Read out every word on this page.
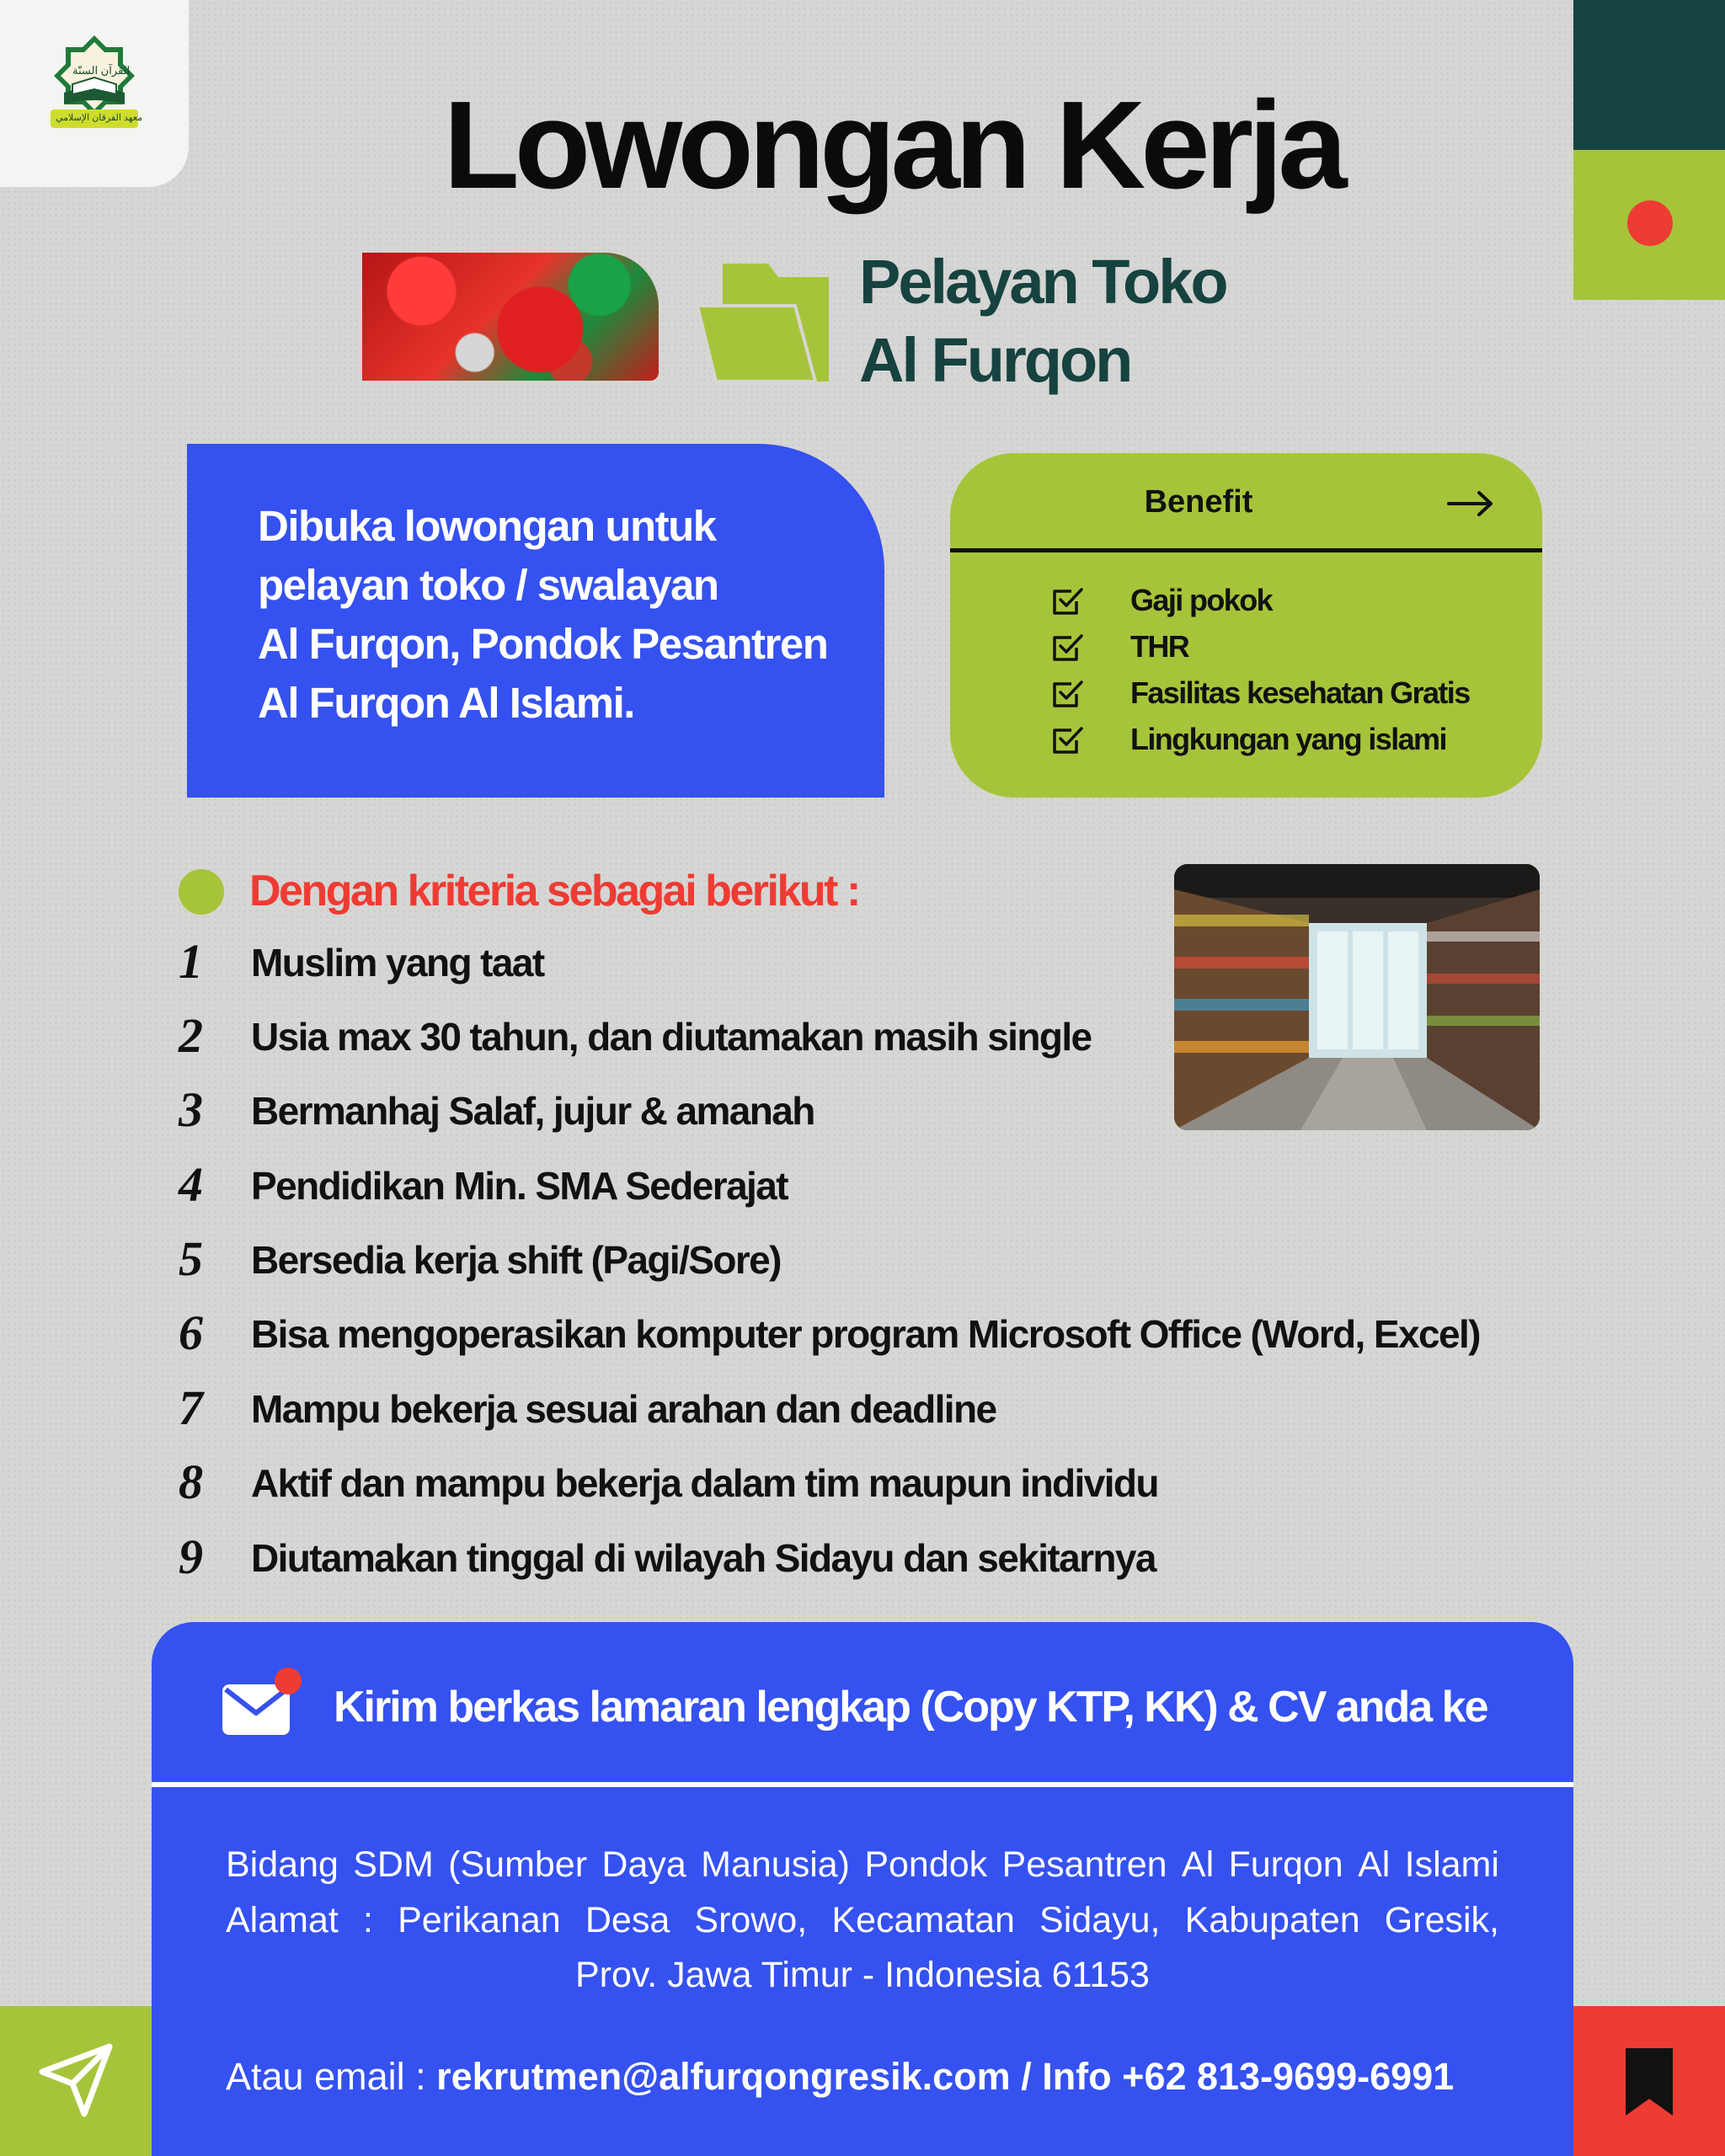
القرآن السنّة
معهد الفرقان الإسلامي	Lowongan Kerja
Pelayan Toko
Al Furqon
Dibuka lowongan untuk
pelayan toko / swalayan
Al Furqon, Pondok Pesantren
Al Furqon Al Islami.
Benefit
Gaji pokok
THR
Fasilitas kesehatan Gratis
Lingkungan yang islami
Dengan kriteria sebagai berikut :
1	Muslim yang taat
2	Usia max 30 tahun, dan diutamakan masih single
3	Bermanhaj Salaf, jujur & amanah
4	Pendidikan Min. SMA Sederajat
5	Bersedia kerja shift (Pagi/Sore)
6	Bisa mengoperasikan komputer program Microsoft Office (Word, Excel)
7	Mampu bekerja sesuai arahan dan deadline
8	Aktif dan mampu bekerja dalam tim maupun individu
9	Diutamakan tinggal di wilayah Sidayu dan sekitarnya
Kirim berkas lamaran lengkap (Copy KTP, KK) & CV anda ke
Bidang SDM (Sumber Daya Manusia) Pondok Pesantren Al Furqon Al Islami
Alamat : Perikanan Desa Srowo, Kecamatan Sidayu, Kabupaten Gresik,
Prov. Jawa Timur - Indonesia 61153
Atau email : rekrutmen@alfurqongresik.com / Info +62 813-9699-6991
